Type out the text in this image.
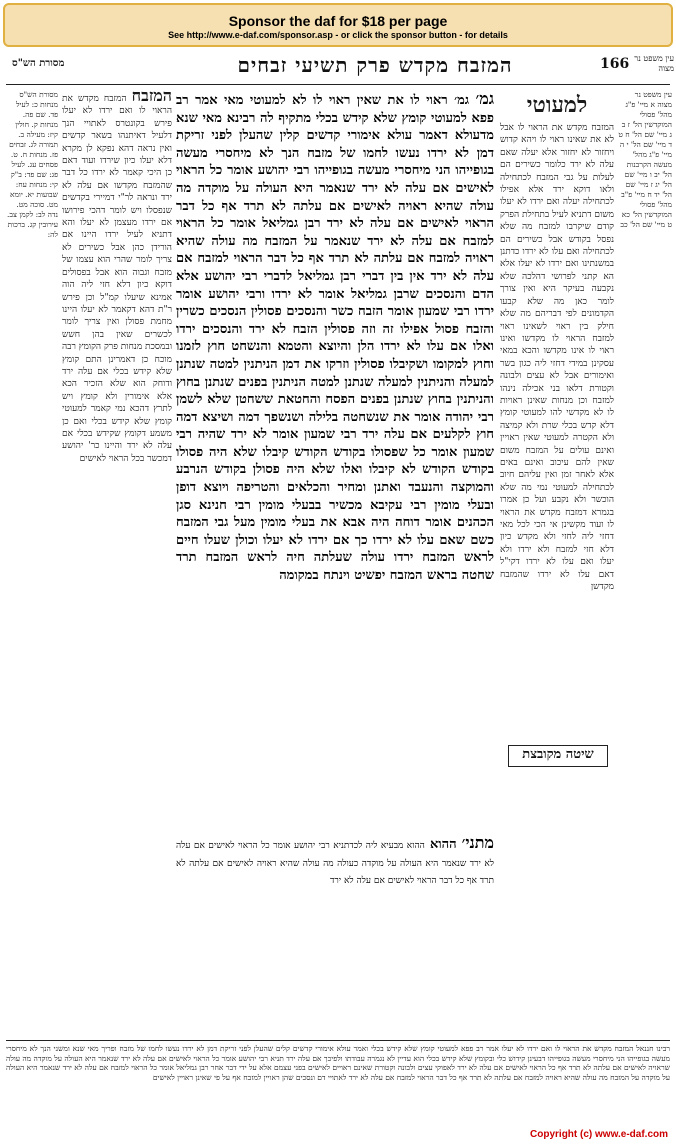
Sponsor the daf for $18 per page
See http://www.e-daf.com/sponsor.asp - or click the sponsor button - for details
עין משפט נר מצוה
166
המזבח מקדש פרק תשיעי זבחים
מסורת הש"ס
עין משפט נר מצוה א מיי' פ"ג מהל' פסולי המוקדשין הל' ז ב ג מיי' שם הל' ח ט ד מיי' שם הל' י ה מיי' פ"ג מהל' מעשה הקרבנות הל' יב ו מיי' שם הל' יג ז מיי' שם הל' יד ח מיי' פ"ב מהל' פסולי המוקדשין הל' כא ט מיי' שם הל' כב
למעוטי
המזבח מקדש את הראוי לו אבל לא את שאינו ראוי לו ויהא קדוש ויחזור לא יחזור אלא יעלה שאם עלה לא ירד כלומר כשירים הם לעלות על גבי המזבח לכתחילה ולאו דוקא ירד אלא אפילו לכתחילה יעלה ואם ירדו לא יעלו משום דתניא לעיל בתחילת הפרק קודם שיקרבו למזבח מה שלא נפסל בקודש אבל כשירים הם לכתחילה ואם עלו לא ירדו כדתנן במשנתינו ואם ירדו לא יעלו אלא הא קתני לפרושי דהלכה שלא נקבעה בעיקר היא ואין צורך לומר כאן מה שלא קבעו הקדמונים לפי דבריהם מה שלא חילק בין ראוי לשאינו ראוי למזבח הראוי לו מקדשו ואינו ראוי לו אינו מקדשו והכא במאי עסקינן במידי דחזי ליה כגון בשר ואימורים אבל לא עצים ולבונה וקטורת דלאו בני אכילה נינהו למזבח וכן מנחות שאינן ראויות לו לא מקדשי להו למעוטי קומץ דלא קדש בכלי שרת ולא קמיצה ולא הקטרה למעוטי שאין ראויין ואינם עולים על המזבח משום שאין להם עיכוב ואינם באים אלא לאחר זמן ואין עליהם חיוב לכתחילה למעוטי נמי מה שלא הוכשר ולא נקבע ועל כן אמרו בגמרא דמזבח מקדש את הראוי לו ועוד מקשינן אי הכי לכל מאי דחזי ליה לחזי ולא מקדש כיון דלא חזי למזבח ולא ירדו ולא יעלו ואם עלו לא ירדו דקי"ל דאם עלו לא ירדו שהמזבח מקדשן
גמ׳ גמ׳ ראוי לו את שאין ראוי לו לא למעוטי מאי אמר רב פפא למעוטי קומץ שלא קידש בכלי מתקיף לה רבינא מאי שנא מדעולא דאמר עולא אימורי קדשים קלין שהעלן לפני זריקת דמן לא ירדו נעשו לחמו של מזבח הנך לא מיחסרי מעשה בגופייהו הני מיחסרי מעשה בגופייהו רבי יהושע אומר כל הראוי לאישים אם עלה לא ירד שנאמר היא העולה על מוקדה מה עולה שהיא ראויה לאישים אם עלתה לא תרד אף כל דבר הראוי לאישים אם עלה לא ירד רבן גמליאל אומר כל הראוי למזבח אם עלה לא ירד שנאמר על המזבח מה עולה שהיא ראויה למזבח אם עלתה לא תרד אף כל דבר הראוי למזבח אם עלה לא ירד אין בין דברי רבן גמליאל לדברי רבי יהושע אלא הדם והנסכים שרבן גמליאל אומר לא ירדו ורבי יהושע אומר ירדו רבי שמעון אומר הזבח כשר והנסכים פסולין הנסכים כשרין והזבח פסול אפילו זה וזה פסולין הזבח לא ירד והנסכים ירדו ואלו אם עלו לא ירדו הלן והיוצא והטמא והנשחט חוץ לזמנו וחוץ למקומו ושקיבלו פסולין וזרקו את דמן הניתנין למטה שנתנן למעלה והניתנין למעלה שנתנן למטה הניתנין בפנים שנתנן בחוץ והניתנין בחוץ שנתנן בפנים הפסח והחטאת ששחטן שלא לשמן רבי יהודה אומר את שנשחטה בלילה ושנשפך דמה ושיצא דמה חוץ לקלעים אם עלה ירד רבי שמעון אומר לא ירד שהיה רבי שמעון אומר כל שפסולו בקודש הקודש קיבלו שלא היה פסולו בקודש הקודש לא קיבלו ואלו שלא היה פסולן בקודש הנרבע והמוקצה והנעבד ואתנן ומחיר והכלאים והטריפה ויוצא דופן ובעלי מומין רבי עקיבא מכשיר בבעלי מומין רבי חנינא סגן הכהנים אומר דוחה היה אבא את בעלי מומין מעל גבי המזבח כשם שאם עלו לא ירדו כך אם ירדו לא יעלו וכולן שעלו חיים לראש המזבח ירדו עולה שעלתה חיה לראש המזבח תרד שחטה בראש המזבח יפשיט וינתח במקומה
המזבח המזבח מקדש את הראוי לו ואם ירדו לא יעלו פירש בקונטרס לאתויי הנך דלעיל דאיתנהו בשאר קדשים ואין נראה דהא נפקא לן מקרא דלא יעלו כיון שירדו ועוד דאם כן היכי קאמר לא ירדו כל דבר שהמזבח מקדשו אם עלה לא ירד ונראה לר"י דמיירי בקדשים שנפסלו ויש לומר דהכי פירושו אם ירדו מעצמן לא יעלו והא דתניא לעיל ירדו היינו אם הורידן כהן אבל כשירים לא צריך לומר שהרי הוא עצמו של מזבח וגבוה הוא אבל בפסולים דוקא כיון דלא חזי ליה הוה אמינא שיעלו קמ"ל וכן פירש ר"ת דהא דקאמר לא יעלו היינו מחמת פסולן ואין צריך לומר לכשרים שאין בהן חשש ובמסכת מנחות פרק הקומץ רבה מוכח כן דאמרינן התם קומץ שלא קידש בכלי אם עלה ירד ודוחק הוא שלא הזכיר הכא אלא אימורין ולא קומץ ויש לתרץ דהכא נמי קאמר למעוטי קומץ שלא קידש בכלי ואם כן משמע דקומץ שקידש בכלי אם עלה לא ירד והיינו כר' יהושע דמכשר בכל הראוי לאישים
מסורת הש"ס מנחות כ: לעיל פד. שם פה. מנחות ק. חולין קיז: מעילה ב. תמורה לג. זבחים פז. מנחות ח. ט. פסחים עג. לעיל פג: שם פד: ב"ק קי: מנחות עח: שבועות יא. יומא מט. סוכה מט. נדה לב: לקמן צב. עירובין קג. ברכות לה:
שיטה מקובצת
מתני׳ ההוא ההוא מבעיא ליה לכדתניא רבי יהושע אומר כל הראוי לאישים אם עלה לא ירד שנאמר היא העולה על מוקדה כעולה מה עולה שהיא ראויה לאישים אם עלתה לא תרד אף כל דבר הראוי לאישים אם עלה לא ירד
רבינו חננאל המזבח מקדש את הראוי לו ואם ירדו לא יעלו אמר רב פפא למעוטי קומץ שלא קידש בכלי ואמר עולא אימורי קדשים קלים שהעלן לפני זריקת דמן לא ירדו נעשו לחמו של מזבח ופריך מאי שנא ומשני הנך לא מיחסרי מעשה בגופייהו הני מיחסרי מעשה בגופייהו דבעינן קידוש כלי ובקומץ שלא קידש בכלי הוא עדיין לא נגמרה עבודתו ולפיכך אם עלה ירד תניא רבי יהושע אומר כל הראוי לאישים אם עלה לא ירד שנאמר היא העולה על מוקדה מה עולה שראויה לאישים אם עלתה לא תרד אף כל הראוי לאישים אם עלה לא ירד לאפוקי עצים ולבונה וקטורת שאינם ראויים לאישים בפני עצמם אלא על ידי דבר אחר רבן גמליאל אומר כל הראוי למזבח אם עלה לא ירד שנאמר היא העולה על מוקדה על המזבח מה עולה שהיא ראויה למזבח אם עלתה לא תרד אף כל דבר הראוי למזבח אם עלה לא ירד לאתויי דם ונסכים שהן ראויין למזבח אף על פי שאינן ראויין לאישים
Copyright (c) www.e-daf.com
